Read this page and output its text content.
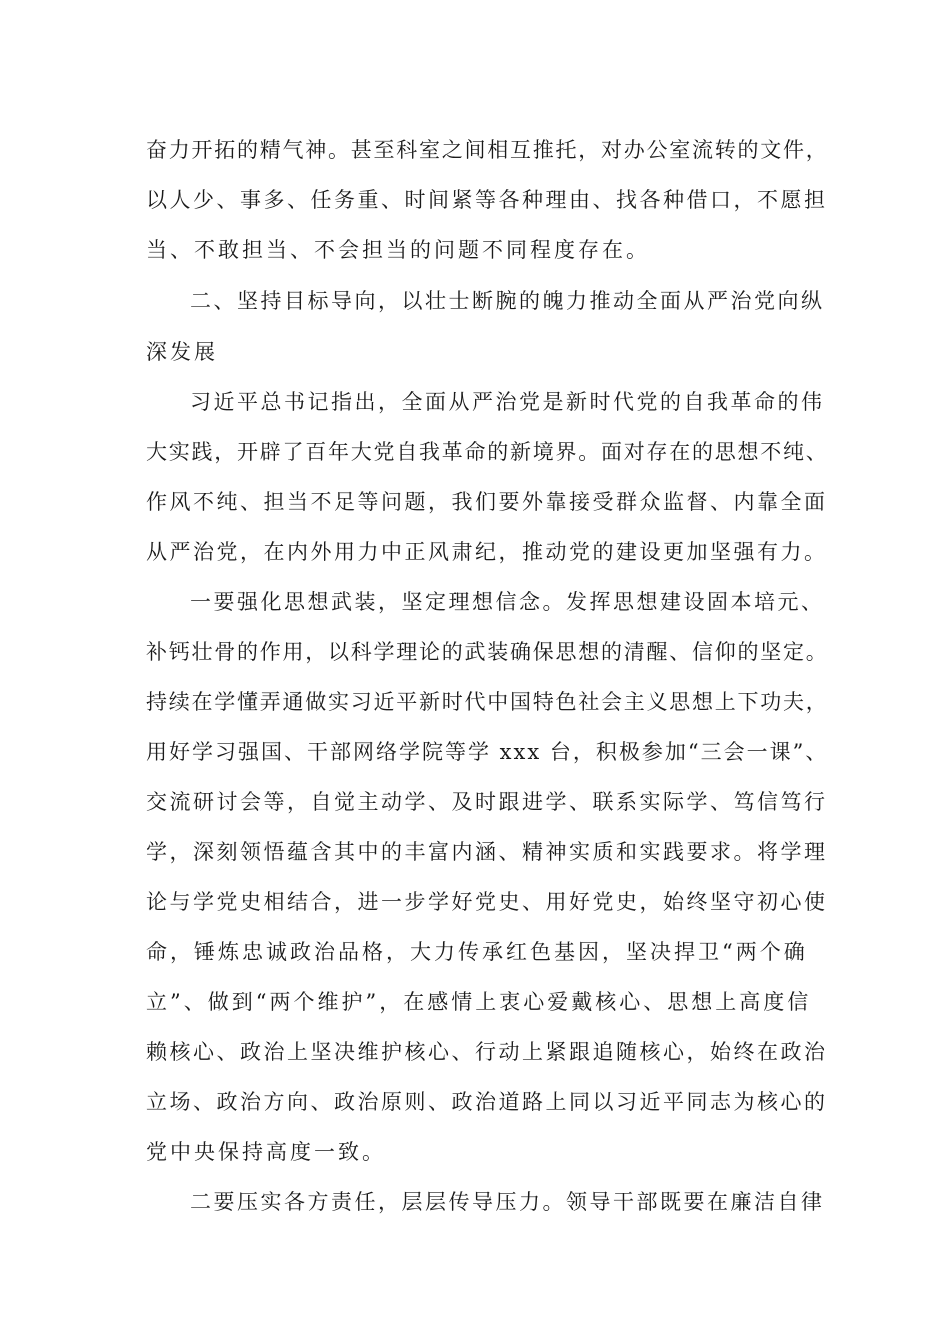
奋力开拓的精气神。甚至科室之间相互推托，对办公室流转的文件，
以人少、事多、任务重、时间紧等各种理由、找各种借口，不愿担
当、不敢担当、不会担当的问题不同程度存在。
二、坚持目标导向，以壮士断腕的魄力推动全面从严治党向纵
深发展
习近平总书记指出，全面从严治党是新时代党的自我革命的伟
大实践，开辟了百年大党自我革命的新境界。面对存在的思想不纯、
作风不纯、担当不足等问题，我们要外靠接受群众监督、内靠全面
从严治党，在内外用力中正风肃纪，推动党的建设更加坚强有力。
一要强化思想武装，坚定理想信念。发挥思想建设固本培元、
补钙壮骨的作用，以科学理论的武装确保思想的清醒、信仰的坚定。
持续在学懂弄通做实习近平新时代中国特色社会主义思想上下功夫，
用好学习强国、干部网络学院等学 xxx 台，积极参加“三会一课”、
交流研讨会等，自觉主动学、及时跟进学、联系实际学、笃信笃行
学，深刻领悟蕴含其中的丰富内涵、精神实质和实践要求。将学理
论与学党史相结合，进一步学好党史、用好党史，始终坚守初心使
命，锤炼忠诚政治品格，大力传承红色基因，坚决捍卫“两个确
立”、做到“两个维护”，在感情上衷心爱戴核心、思想上高度信
赖核心、政治上坚决维护核心、行动上紧跟追随核心，始终在政治
立场、政治方向、政治原则、政治道路上同以习近平同志为核心的
党中央保持高度一致。
二要压实各方责任，层层传导压力。领导干部既要在廉洁自律
